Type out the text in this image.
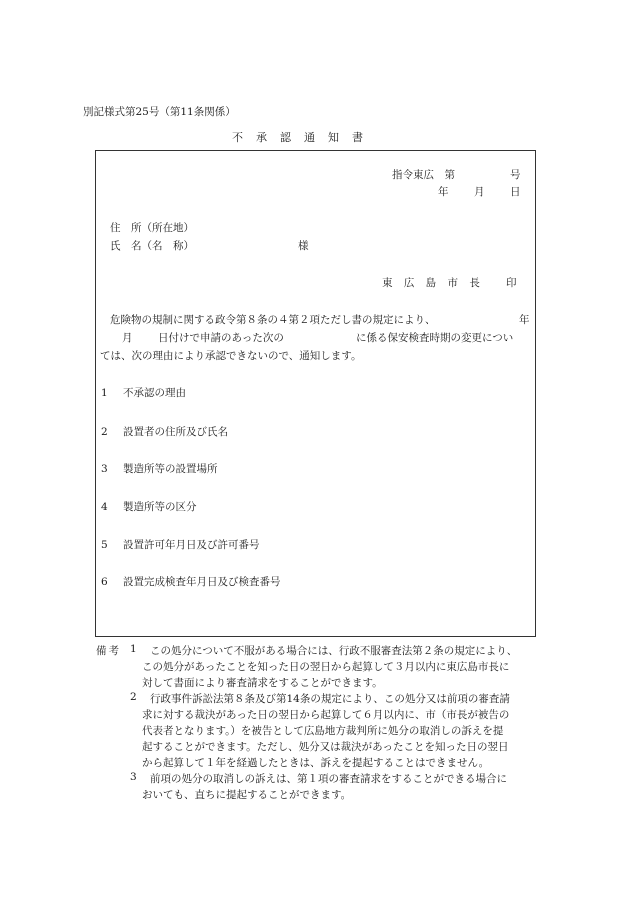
別記様式第25号（第11条関係）
不承認通知書
指令東広　第	号
年 月 日
住　所（所在地）
氏　名（名　称）	様
東 広 島 市 長 印
危険物の規制に関する政令第８条の４第２項ただし書の規定により、	年
月 日付けで申請のあった次の	に係る保安検査時期の変更につい
ては、次の理由により承認できないので、通知します。
1 不承認の理由
2 設置者の住所及び氏名
3 製造所等の設置場所
4 製造所等の区分
5 設置許可年月日及び許可番号
6 設置完成検査年月日及び検査番号
備考 1 この処分について不服がある場合には、行政不服審査法第２条の規定により、
この処分があったことを知った日の翌日から起算して３月以内に東広島市長に
対して書面により審査請求をすることができます。
2 行政事件訴訟法第８条及び第14条の規定により、この処分又は前項の審査請
求に対する裁決があった日の翌日から起算して６月以内に、市（市長が被告の
代表者となります。）を被告として広島地方裁判所に処分の取消しの訴えを提
起することができます。ただし、処分又は裁決があったことを知った日の翌日
から起算して１年を経過したときは、訴えを提起することはできません。
3 前項の処分の取消しの訴えは、第１項の審査請求をすることができる場合に
おいても、直ちに提起することができます。
